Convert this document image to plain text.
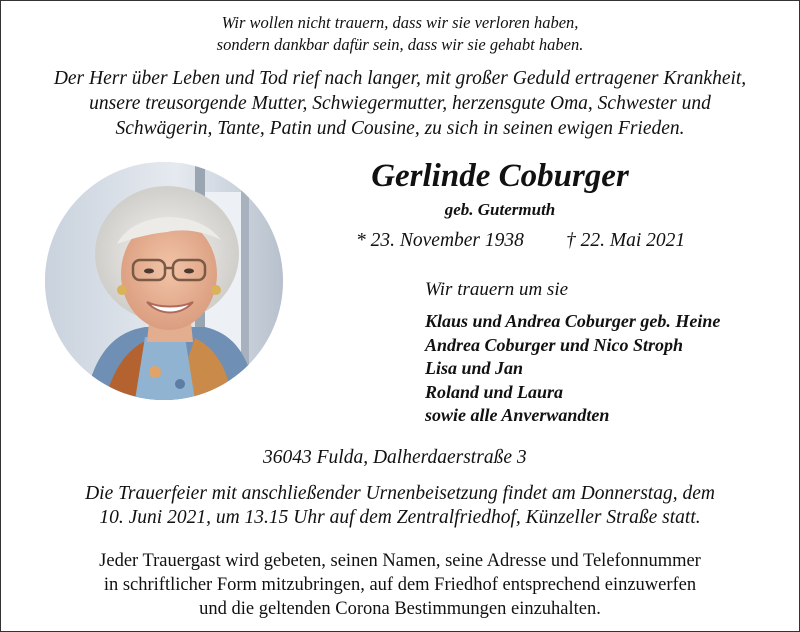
Wir wollen nicht trauern, dass wir sie verloren haben,
sondern dankbar dafür sein, dass wir sie gehabt haben.
Der Herr über Leben und Tod rief nach langer, mit großer Geduld ertragener Krankheit,
unsere treusorgende Mutter, Schwiegermutter, herzensgute Oma, Schwester und
Schwägerin, Tante, Patin und Cousine, zu sich in seinen ewigen Frieden.
Gerlinde Coburger
geb. Gutermuth
* 23. November 1938 † 22. Mai 2021
Wir trauern um sie
Klaus und Andrea Coburger geb. Heine
Andrea Coburger und Nico Stroph
Lisa und Jan
Roland und Laura
sowie alle Anverwandten
36043 Fulda, Dalherdaerstraße 3
Die Trauerfeier mit anschließender Urnenbeisetzung findet am Donnerstag, dem
10. Juni 2021, um 13.15 Uhr auf dem Zentralfriedhof, Künzeller Straße statt.
Jeder Trauergast wird gebeten, seinen Namen, seine Adresse und Telefonnummer
in schriftlicher Form mitzubringen, auf dem Friedhof entsprechend einzuwerfen
und die geltenden Corona Bestimmungen einzuhalten.
